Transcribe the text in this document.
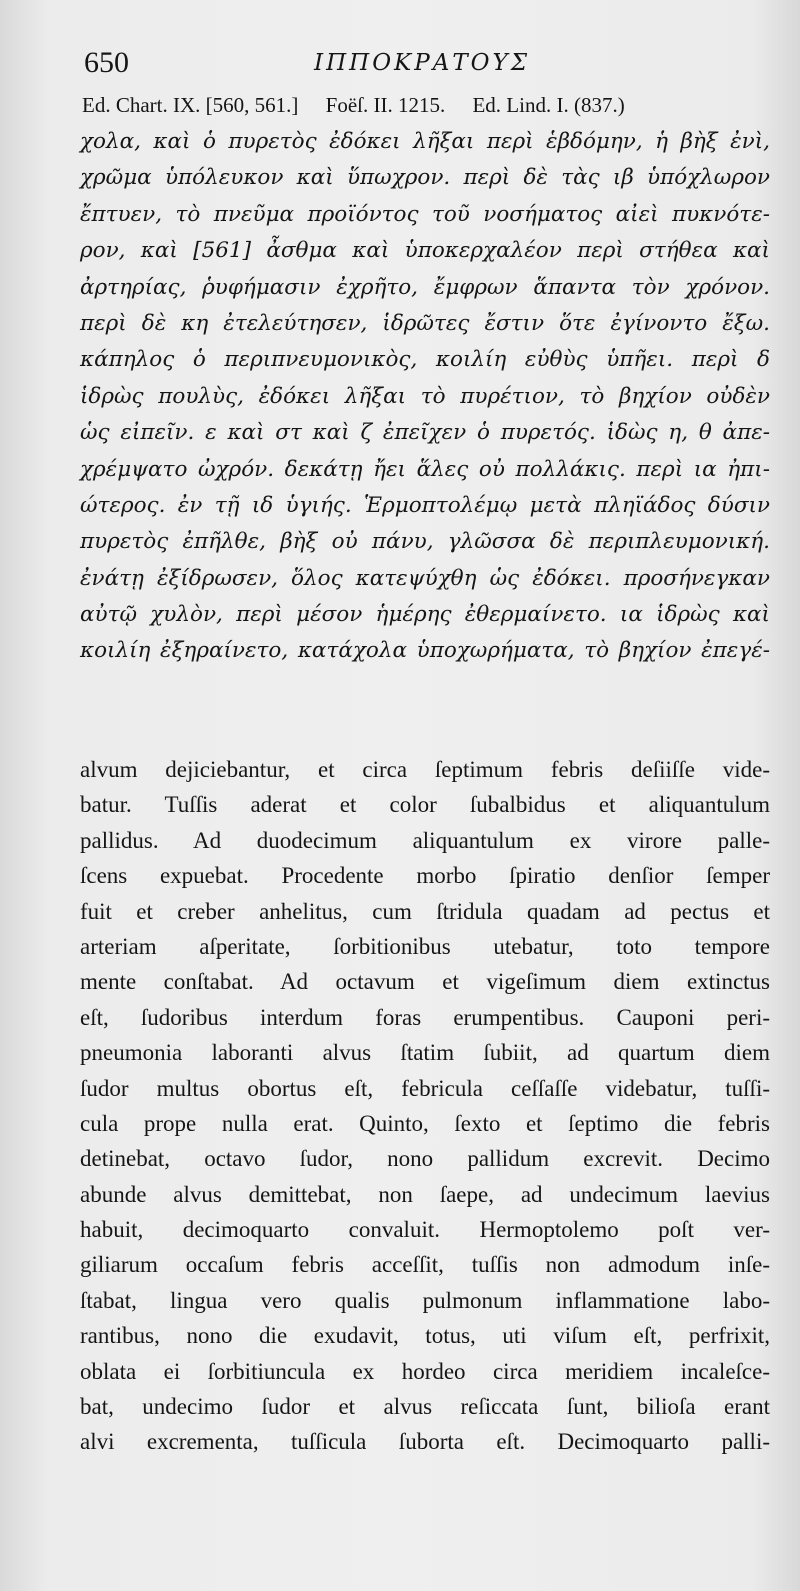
650	ΙΠΠΟΚΡΑΤΟΥΣ
Ed. Chart. IX. [560, 561.] Foëſ. II. 1215. Ed. Lind. I. (837.)
χολα, καὶ ὁ πυρετὸς ἐδόκει λῆξαι περὶ ἑβδόμην, ἡ βὴξ ἐνὶ,
χρῶμα ὑπόλευκον καὶ ὕπωχρον. περὶ δὲ τὰς ιβ ὑπόχλωρον
ἔπτυεν, τὸ πνεῦμα προϊόντος τοῦ νοσήματος αἰεὶ πυκνότε-
ρον, καὶ [561] ἆσθμα καὶ ὑποκερχαλέον περὶ στήθεα καὶ
ἀρτηρίας, ῥυφήμασιν ἐχρῆτο, ἔμφρων ἅπαντα τὸν χρόνον.
περὶ δὲ κη ἐτελεύτησεν, ἱδρῶτες ἔστιν ὅτε ἐγίνοντο ἔξω.
κάπηλος ὁ περιπνευμονικὸς, κοιλίη εὐθὺς ὑπῆει. περὶ δ
ἱδρὼς πουλὺς, ἐδόκει λῆξαι τὸ πυρέτιον, τὸ βηχίον οὐδὲν
ὡς εἰπεῖν. ε καὶ στ καὶ ζ ἐπεῖχεν ὁ πυρετός. ἱδὼς η, θ ἀπε-
χρέμψατο ὠχρόν. δεκάτῃ ἤει ἅλες οὐ πολλάκις. περὶ ια ἠπι-
ώτερος. ἐν τῇ ιδ ὑγιής. Ἑρμοπτολέμῳ μετὰ πληϊάδος δύσιν
πυρετὸς ἐπῆλθε, βὴξ οὐ πάνυ, γλῶσσα δὲ περιπλευμονική.
ἐνάτῃ ἐξίδρωσεν, ὅλος κατεψύχθη ὡς ἐδόκει. προσήνεγκαν
αὐτῷ χυλὸν, περὶ μέσον ἡμέρης ἐθερμαίνετο. ια ἱδρὼς καὶ
κοιλίη ἐξηραίνετο, κατάχολα ὑποχωρήματα, τὸ βηχίον ἐπεγέ-
alvum dejiciebantur, et circa ſeptimum febris deſiiſſe vide-
batur. Tuſſis aderat et color ſubalbidus et aliquantulum
pallidus. Ad duodecimum aliquantulum ex virore palle-
ſcens expuebat. Procedente morbo ſpiratio denſior ſemper
fuit et creber anhelitus, cum ſtridula quadam ad pectus et
arteriam aſperitate, ſorbitionibus utebatur, toto tempore
mente conſtabat. Ad octavum et vigeſimum diem extinctus
eſt, ſudoribus interdum foras erumpentibus. Cauponi peri-
pneumonia laboranti alvus ſtatim ſubiit, ad quartum diem
ſudor multus obortus eſt, febricula ceſſaſſe videbatur, tuſſi-
cula prope nulla erat. Quinto, ſexto et ſeptimo die febris
detinebat, octavo ſudor, nono pallidum excrevit. Decimo
abunde alvus demittebat, non ſaepe, ad undecimum laevius
habuit, decimoquarto convaluit. Hermoptolemo poſt ver-
giliarum occaſum febris acceſſit, tuſſis non admodum inſe-
ſtabat, lingua vero qualis pulmonum inflammatione labo-
rantibus, nono die exudavit, totus, uti viſum eſt, perfrixit,
oblata ei ſorbitiuncula ex hordeo circa meridiem incaleſce-
bat, undecimo ſudor et alvus reſiccata ſunt, bilioſa erant
alvi excrementa, tuſſicula ſuborta eſt. Decimoquarto palli-
